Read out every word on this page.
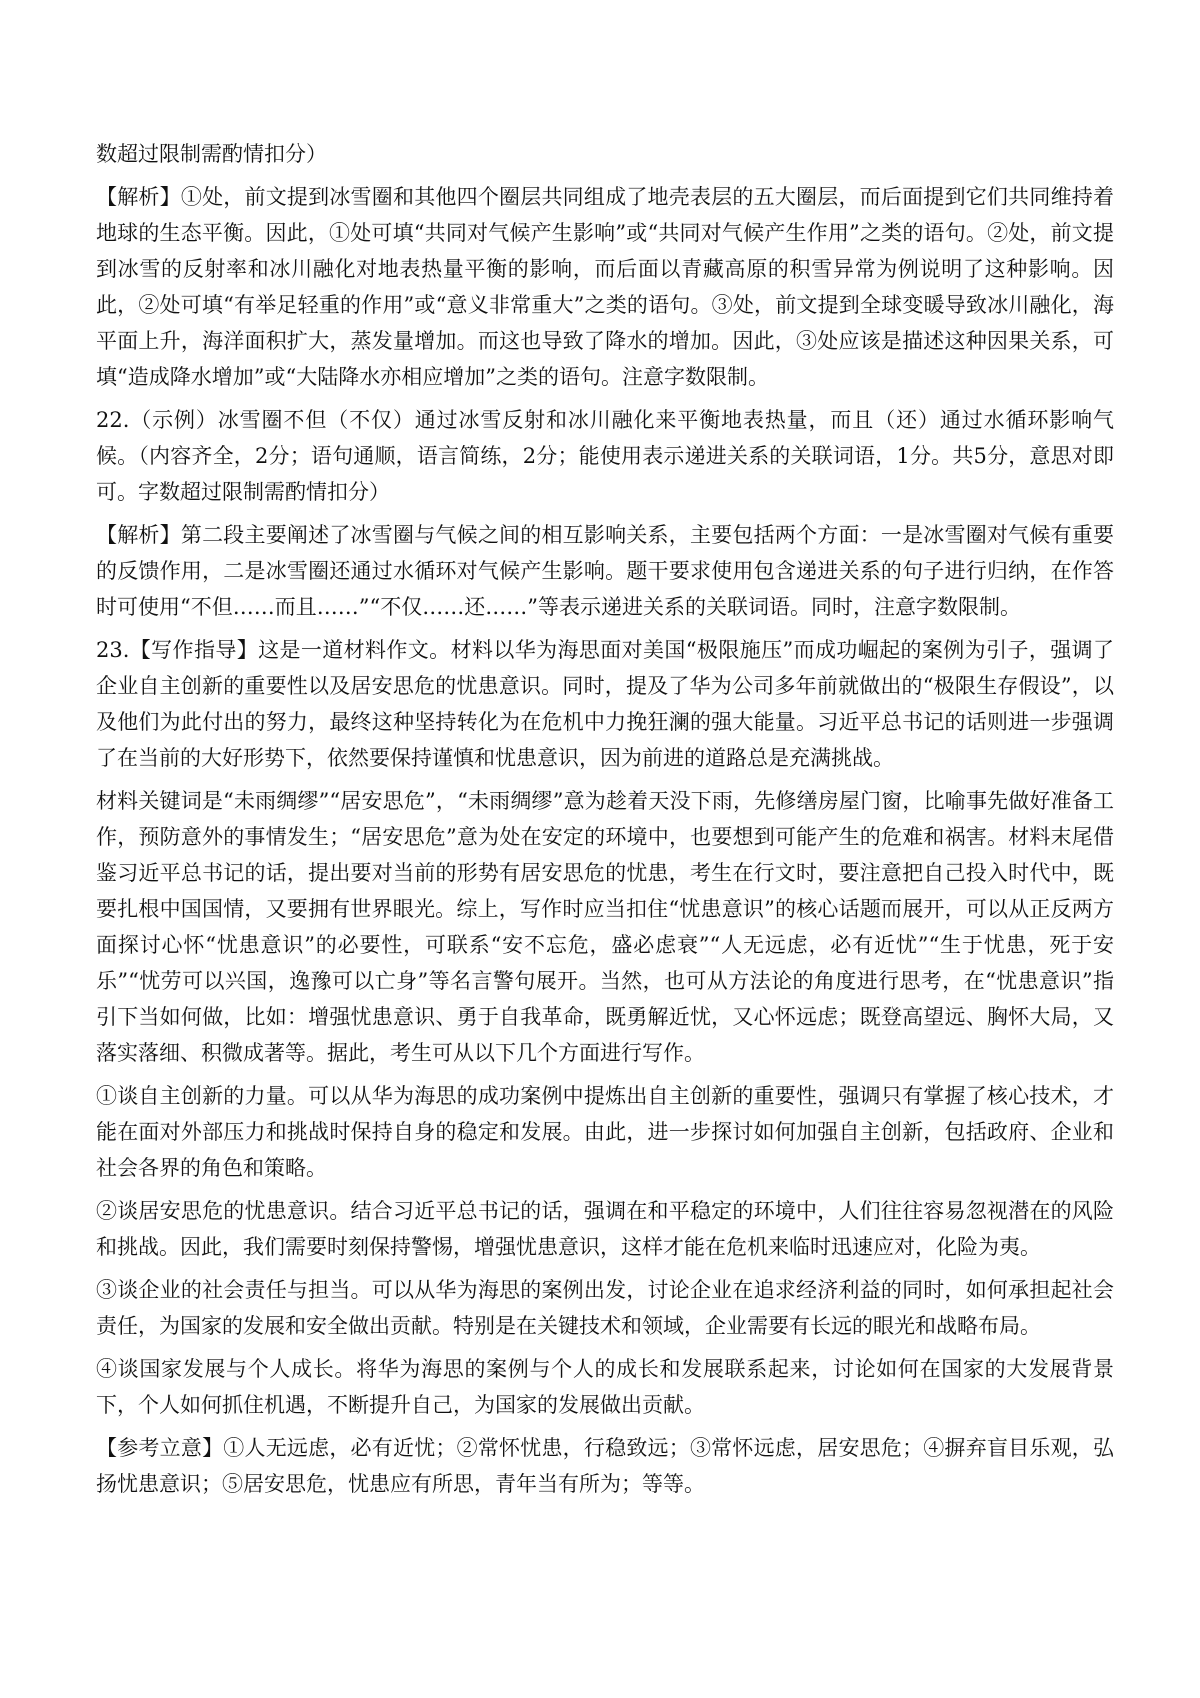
数超过限制需酌情扣分）

【解析】①处，前文提到冰雪圈和其他四个圈层共同组成了地壳表层的五大圈层，而后面提到它们共同维持着地球的生态平衡。因此，①处可填“共同对气候产生影响”或“共同对气候产生作用”之类的语句。②处，前文提到冰雪的反射率和冰川融化对地表热量平衡的影响，而后面以青藏高原的积雪异常为例说明了这种影响。因此，②处可填“有举足轻重的作用”或“意义非常重大”之类的语句。③处，前文提到全球变暖导致冰川融化，海平面上升，海洋面积扩大，蒸发量增加。而这也导致了降水的增加。因此，③处应该是描述这种因果关系，可填“造成降水增加”或“大陆降水亦相应增加”之类的语句。注意字数限制。

22.（示例）冰雪圈不但（不仅）通过冰雪反射和冰川融化来平衡地表热量，而且（还）通过水循环影响气候。（内容齐全，2分；语句通顺，语言简练，2分；能使用表示递进关系的关联词语，1分。共5分，意思对即可。字数超过限制需酌情扣分）

【解析】第二段主要阐述了冰雪圈与气候之间的相互影响关系，主要包括两个方面：一是冰雪圈对气候有重要的反馈作用，二是冰雪圈还通过水循环对气候产生影响。题干要求使用包含递进关系的句子进行归纳，在作答时可使用“不但……而且……”“不仅……还……”等表示递进关系的关联词语。同时，注意字数限制。

23.【写作指导】这是一道材料作文。材料以华为海思面对美国“极限施压”而成功崛起的案例为引子，强调了企业自主创新的重要性以及居安思危的忧患意识。同时，提及了华为公司多年前就做出的“极限生存假设”，以及他们为此付出的努力，最终这种坚持转化为在危机中力挽狂澜的强大能量。习近平总书记的话则进一步强调了在当前的大好形势下，依然要保持谨慎和忧患意识，因为前进的道路总是充满挑战。

材料关键词是“未雨绸缪”“居安思危”，“未雨绸缪”意为趁着天没下雨，先修缮房屋门窗，比喻事先做好准备工作，预防意外的事情发生；“居安思危”意为处在安定的环境中，也要想到可能产生的危难和祸害。材料末尾借鉴习近平总书记的话，提出要对当前的形势有居安思危的忧患，考生在行文时，要注意把自己投入时代中，既要扎根中国国情，又要拥有世界眼光。综上，写作时应当扣住“忧患意识”的核心话题而展开，可以从正反两方面探讨心怀“忧患意识”的必要性，可联系“安不忘危，盛必虑衰”“人无远虑，必有近忧”“生于忧患，死于安乐”“忧劳可以兴国，逸豫可以亡身”等名言警句展开。当然，也可从方法论的角度进行思考，在“忧患意识”指引下当如何做，比如：增强忧患意识、勇于自我革命，既勇解近忧，又心怀远虑；既登高望远、胸怀大局，又落实落细、积微成著等。据此，考生可从以下几个方面进行写作。

①谈自主创新的力量。可以从华为海思的成功案例中提炼出自主创新的重要性，强调只有掌握了核心技术，才能在面对外部压力和挑战时保持自身的稳定和发展。由此，进一步探讨如何加强自主创新，包括政府、企业和社会各界的角色和策略。

②谈居安思危的忧患意识。结合习近平总书记的话，强调在和平稳定的环境中，人们往往容易忽视潜在的风险和挑战。因此，我们需要时刻保持警惕，增强忧患意识，这样才能在危机来临时迅速应对，化险为夷。

③谈企业的社会责任与担当。可以从华为海思的案例出发，讨论企业在追求经济利益的同时，如何承担起社会责任，为国家的发展和安全做出贡献。特别是在关键技术和领域，企业需要有长远的眼光和战略布局。

④谈国家发展与个人成长。将华为海思的案例与个人的成长和发展联系起来，讨论如何在国家的大发展背景下，个人如何抓住机遇，不断提升自己，为国家的发展做出贡献。

【参考立意】①人无远虑，必有近忧；②常怀忧患，行稳致远；③常怀远虑，居安思危；④摒弃盲目乐观，弘扬忧患意识；⑤居安思危，忧患应有所思，青年当有所为；等等。
